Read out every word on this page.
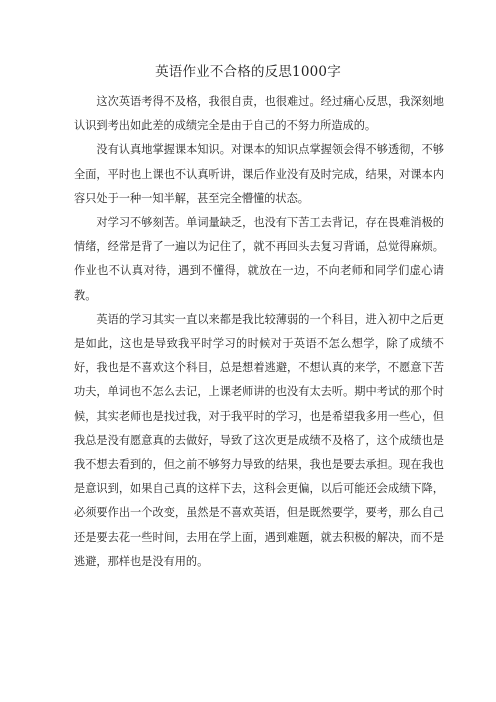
英语作业不合格的反思1000字

这次英语考得不及格，我很自责，也很难过。经过痛心反思，我深刻地认识到考出如此差的成绩完全是由于自己的不努力所造成的。

没有认真地掌握课本知识。对课本的知识点掌握领会得不够透彻，不够全面，平时也上课也不认真听讲，课后作业没有及时完成，结果，对课本内容只处于一种一知半解，甚至完全懵懂的状态。

对学习不够刻苦。单词量缺乏，也没有下苦工去背记，存在畏难消极的情绪，经常是背了一遍以为记住了，就不再回头去复习背诵，总觉得麻烦。作业也不认真对待，遇到不懂得，就放在一边，不向老师和同学们虚心请教。

英语的学习其实一直以来都是我比较薄弱的一个科目，进入初中之后更是如此，这也是导致我平时学习的时候对于英语不怎么想学，除了成绩不好，我也是不喜欢这个科目，总是想着逃避，不想认真的来学，不愿意下苦功夫，单词也不怎么去记，上课老师讲的也没有太去听。期中考试的那个时候，其实老师也是找过我，对于我平时的学习，也是希望我多用一些心，但我总是没有愿意真的去做好，导致了这次更是成绩不及格了，这个成绩也是我不想去看到的，但之前不够努力导致的结果，我也是要去承担。现在我也是意识到，如果自己真的这样下去，这科会更偏，以后可能还会成绩下降，必须要作出一个改变，虽然是不喜欢英语，但是既然要学，要考，那么自己还是要去花一些时间，去用在学上面，遇到难题，就去积极的解决，而不是逃避，那样也是没有用的。
